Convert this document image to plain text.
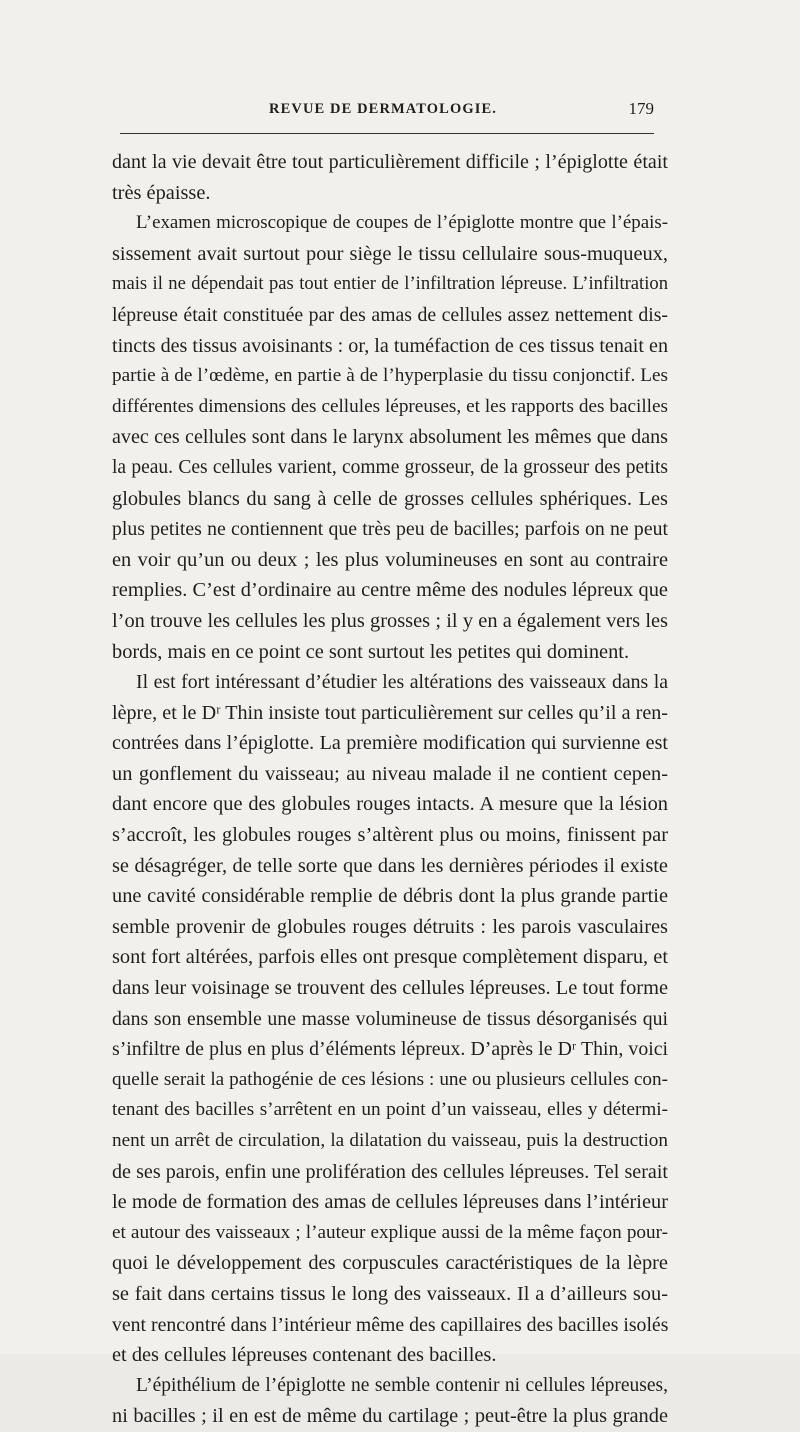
REVUE DE DERMATOLOGIE.	179
dant la vie devait être tout particulièrement difficile ; l’épiglotte était
très épaisse.
L’examen microscopique de coupes de l’épiglotte montre que l’épais-
sissement avait surtout pour siège le tissu cellulaire sous-muqueux,
mais il ne dépendait pas tout entier de l’infiltration lépreuse. L’infiltration
lépreuse était constituée par des amas de cellules assez nettement dis-
tincts des tissus avoisinants : or, la tuméfaction de ces tissus tenait en
partie à de l’œdème, en partie à de l’hyperplasie du tissu conjonctif. Les
différentes dimensions des cellules lépreuses, et les rapports des bacilles
avec ces cellules sont dans le larynx absolument les mêmes que dans
la peau. Ces cellules varient, comme grosseur, de la grosseur des petits
globules blancs du sang à celle de grosses cellules sphériques. Les
plus petites ne contiennent que très peu de bacilles; parfois on ne peut
en voir qu’un ou deux ; les plus volumineuses en sont au contraire
remplies. C’est d’ordinaire au centre même des nodules lépreux que
l’on trouve les cellules les plus grosses ; il y en a également vers les
bords, mais en ce point ce sont surtout les petites qui dominent.
Il est fort intéressant d’étudier les altérations des vaisseaux dans la
lèpre, et le Dʳ Thin insiste tout particulièrement sur celles qu’il a ren-
contrées dans l’épiglotte. La première modification qui survienne est
un gonflement du vaisseau; au niveau malade il ne contient cepen-
dant encore que des globules rouges intacts. A mesure que la lésion
s’accroît, les globules rouges s’altèrent plus ou moins, finissent par
se désagréger, de telle sorte que dans les dernières périodes il existe
une cavité considérable remplie de débris dont la plus grande partie
semble provenir de globules rouges détruits : les parois vasculaires
sont fort altérées, parfois elles ont presque complètement disparu, et
dans leur voisinage se trouvent des cellules lépreuses. Le tout forme
dans son ensemble une masse volumineuse de tissus désorganisés qui
s’infiltre de plus en plus d’éléments lépreux. D’après le Dʳ Thin, voici
quelle serait la pathogénie de ces lésions : une ou plusieurs cellules con-
tenant des bacilles s’arrêtent en un point d’un vaisseau, elles y détermi-
nent un arrêt de circulation, la dilatation du vaisseau, puis la destruction
de ses parois, enfin une prolifération des cellules lépreuses. Tel serait
le mode de formation des amas de cellules lépreuses dans l’intérieur
et autour des vaisseaux ; l’auteur explique aussi de la même façon pour-
quoi le développement des corpuscules caractéristiques de la lèpre
se fait dans certains tissus le long des vaisseaux. Il a d’ailleurs sou-
vent rencontré dans l’intérieur même des capillaires des bacilles isolés
et des cellules lépreuses contenant des bacilles.
L’épithélium de l’épiglotte ne semble contenir ni cellules lépreuses,
ni bacilles ; il en est de même du cartilage ; peut-être la plus grande
